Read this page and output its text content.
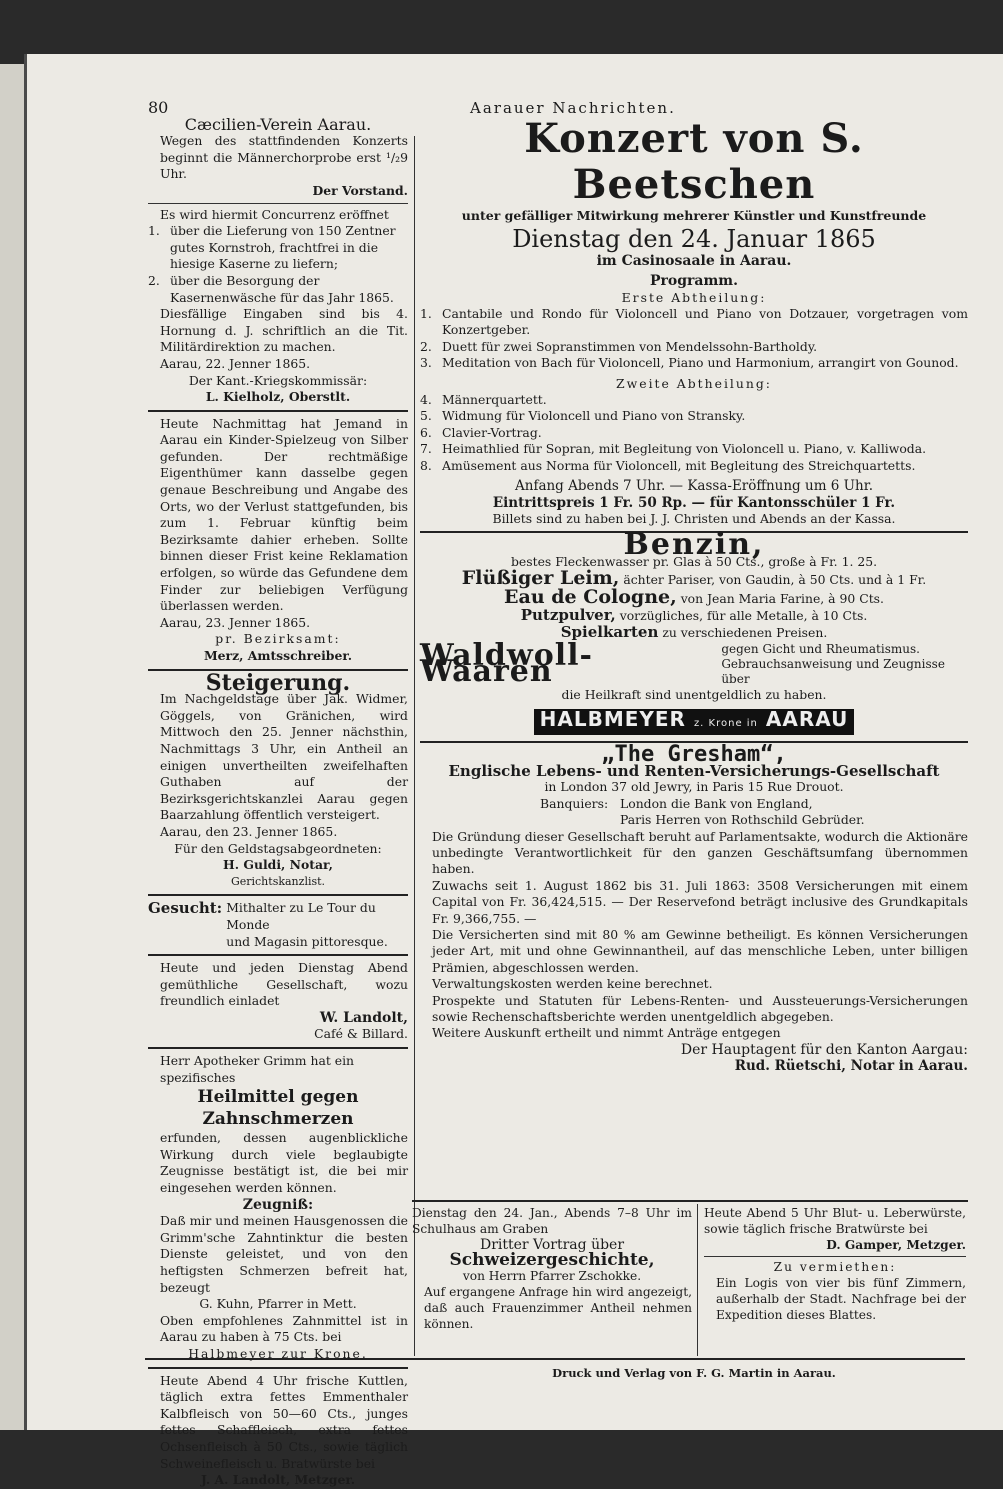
80
Cæcilien-Verein Aarau.
Wegen des stattfindenden Konzerts beginnt die Männerchorprobe erst ¹/₂9 Uhr.
Der Vorstand.
Es wird hiermit Concurrenz eröffnet
1. über die Lieferung von 150 Zentner gutes Kornstroh, frachtfrei in die hiesige Kaserne zu liefern;
2. über die Besorgung der Kasernenwäsche für das Jahr 1865.
Diesfällige Eingaben sind bis 4. Hornung d. J. schriftlich an die Tit. Militärdirektion zu machen.
Aarau, 22. Jenner 1865.
Der Kant.-Kriegskommissär:
L. Kielholz, Oberstlt.
Heute Nachmittag hat Jemand in Aarau ein Kinder-Spielzeug von Silber gefunden. Der rechtmäßige Eigenthümer kann dasselbe gegen genaue Beschreibung und Angabe des Orts, wo der Verlust stattgefunden, bis zum 1. Februar künftig beim Bezirksamte dahier erheben. Sollte binnen dieser Frist keine Reklamation erfolgen, so würde das Gefundene dem Finder zur beliebigen Verfügung überlassen werden.
Aarau, 23. Jenner 1865.
pr. Bezirksamt:
Merz, Amtsschreiber.
Steigerung.
Im Nachgeldstage über Jak. Widmer, Göggels, von Gränichen, wird Mittwoch den 25. Jenner nächsthin, Nachmittags 3 Uhr, ein Antheil an einigen unvertheilten zweifelhaften Guthaben auf der Bezirksgerichtskanzlei Aarau gegen Baarzahlung öffentlich versteigert.
Aarau, den 23. Jenner 1865.
Für den Geldstagsabgeordneten:
H. Guldi, Notar,
Gerichtskanzlist.
Gesucht: Mithalter zu Le Tour du Monde
und Magasin pittoresque.
Heute und jeden Dienstag Abend gemüthliche Gesellschaft, wozu freundlich einladet
W. Landolt,
Café & Billard.
Herr Apotheker Grimm hat ein spezifisches
Heilmittel gegen Zahnschmerzen
erfunden, dessen augenblickliche Wirkung durch viele beglaubigte Zeugnisse bestätigt ist, die bei mir eingesehen werden können.
Zeugniß:
Daß mir und meinen Hausgenossen die Grimm'sche Zahntinktur die besten Dienste geleistet, und von den heftigsten Schmerzen befreit hat, bezeugt
G. Kuhn, Pfarrer in Mett.
Oben empfohlenes Zahnmittel ist in Aarau zu haben à 75 Cts. bei
Halbmeyer zur Krone.
Heute Abend 4 Uhr frische Kuttlen, täglich extra fettes Emmenthaler Kalbfleisch von 50—60 Cts., junges fettes Schaffleisch, extra fettes Ochsenfleisch à 50 Cts., sowie täglich Schweinefleisch u. Bratwürste bei
J. A. Landolt, Metzger.
Aarauer Nachrichten.
Konzert von S. Beetschen
unter gefälliger Mitwirkung mehrerer Künstler und Kunstfreunde
Dienstag den 24. Januar 1865
im Casinosaale in Aarau.
Programm.
Erste Abtheilung:
1. Cantabile und Rondo für Violoncell und Piano von Dotzauer, vorgetragen vom Konzertgeber.
2. Duett für zwei Sopranstimmen von Mendelssohn-Bartholdy.
3. Meditation von Bach für Violoncell, Piano und Harmonium, arrangirt von Gounod.
Zweite Abtheilung:
4. Männerquartett.
5. Widmung für Violoncell und Piano von Stransky.
6. Clavier-Vortrag.
7. Heimathlied für Sopran, mit Begleitung von Violoncell u. Piano, v. Kalliwoda.
8. Amüsement aus Norma für Violoncell, mit Begleitung des Streichquartetts.
Anfang Abends 7 Uhr. — Kassa-Eröffnung um 6 Uhr.
Eintrittspreis 1 Fr. 50 Rp. — für Kantonsschüler 1 Fr.
Billets sind zu haben bei J. J. Christen und Abends an der Kassa.
Benzin,
bestes Fleckenwasser pr. Glas à 50 Cts., große à Fr. 1. 25.
Flüßiger Leim, ächter Pariser, von Gaudin, à 50 Cts. und à 1 Fr.
Eau de Cologne, von Jean Maria Farine, à 90 Cts.
Putzpulver, vorzügliches, für alle Metalle, à 10 Cts.
Spielkarten zu verschiedenen Preisen.
Waldwoll-Waaren
gegen Gicht und Rheumatismus.
Gebrauchsanweisung und Zeugnisse über
die Heilkraft sind unentgeldlich zu haben.
HALBMEYER z. Krone in AARAU
„The Gresham“,
Englische Lebens- und Renten-Versicherungs-Gesellschaft
in London 37 old Jewry, in Paris 15 Rue Drouot.
Banquiers: London die Bank von England,
Paris Herren von Rothschild Gebrüder.
Die Gründung dieser Gesellschaft beruht auf Parlamentsakte, wodurch die Aktionäre unbedingte Verantwortlichkeit für den ganzen Geschäftsumfang übernommen haben.
Zuwachs seit 1. August 1862 bis 31. Juli 1863: 3508 Versicherungen mit einem Capital von Fr. 36,424,515. — Der Reservefond beträgt inclusive des Grundkapitals Fr. 9,366,755. —
Die Versicherten sind mit 80 % am Gewinne betheiligt. Es können Versicherungen jeder Art, mit und ohne Gewinnantheil, auf das menschliche Leben, unter billigen Prämien, abgeschlossen werden.
Verwaltungskosten werden keine berechnet.
Prospekte und Statuten für Lebens-Renten- und Aussteuerungs-Versicherungen sowie Rechenschaftsberichte werden unentgeldlich abgegeben.
Weitere Auskunft ertheilt und nimmt Anträge entgegen
Der Hauptagent für den Kanton Aargau:
Rud. Rüetschi, Notar in Aarau.
Dienstag den 24. Jan., Abends 7–8 Uhr im Schulhaus am Graben
Dritter Vortrag über
Schweizergeschichte,
von Herrn Pfarrer Zschokke.
Auf ergangene Anfrage hin wird angezeigt, daß auch Frauenzimmer Antheil nehmen können.
Heute Abend 5 Uhr Blut- u. Leberwürste, sowie täglich frische Bratwürste bei
D. Gamper, Metzger.
Zu vermiethen:
Ein Logis von vier bis fünf Zimmern, außerhalb der Stadt. Nachfrage bei der Expedition dieses Blattes.
Druck und Verlag von F. G. Martin in Aarau.
